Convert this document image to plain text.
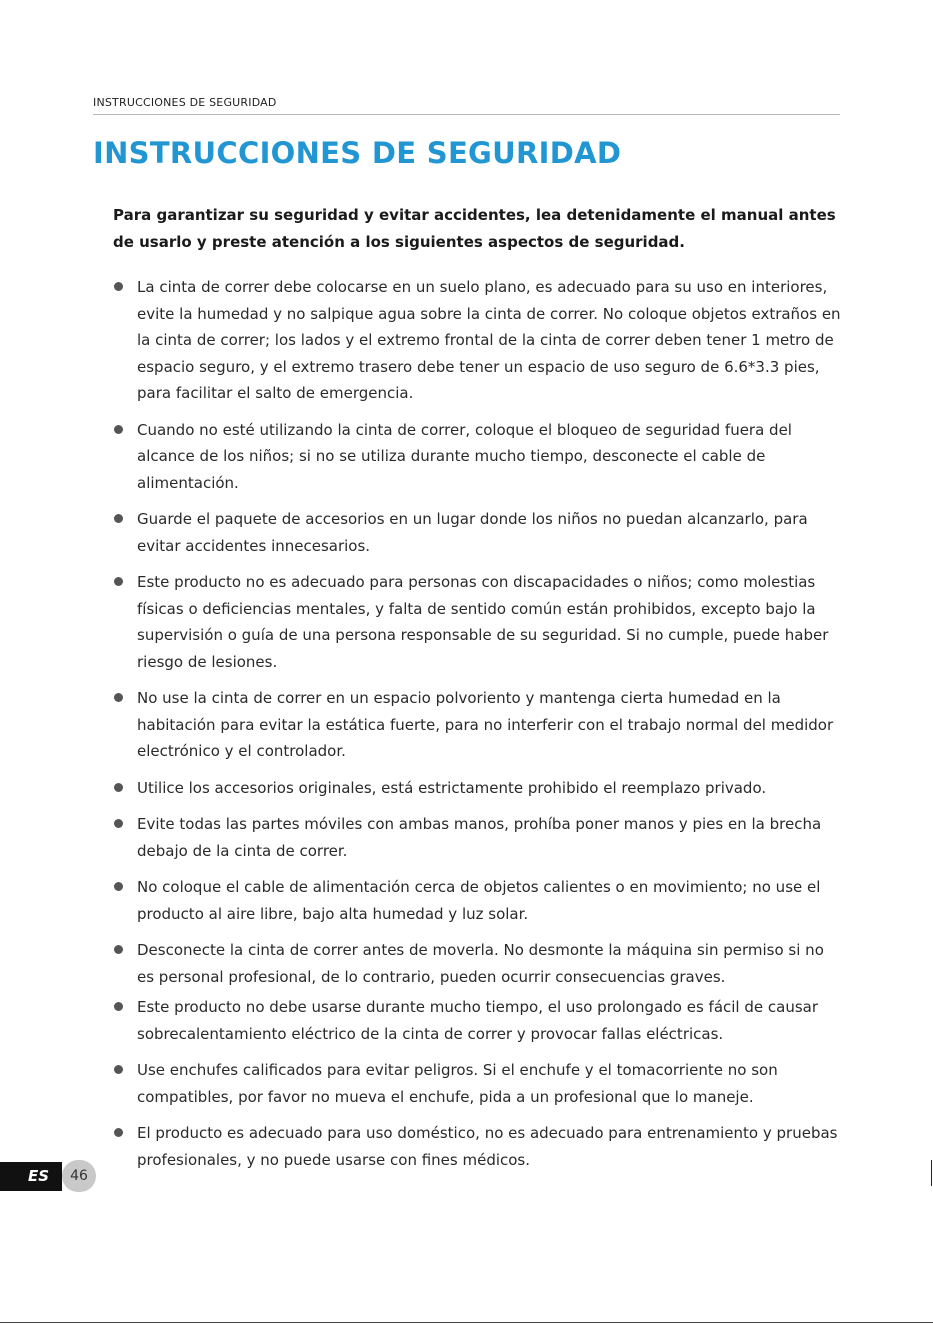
INSTRUCCIONES DE SEGURIDAD
INSTRUCCIONES DE SEGURIDAD

Para garantizar su seguridad y evitar accidentes, lea detenidamente el manual antes de usarlo y preste atención a los siguientes aspectos de seguridad.

La cinta de correr debe colocarse en un suelo plano, es adecuado para su uso en interiores, evite la humedad y no salpique agua sobre la cinta de correr. No coloque objetos extraños en la cinta de correr; los lados y el extremo frontal de la cinta de correr deben tener 1 metro de espacio seguro, y el extremo trasero debe tener un espacio de uso seguro de 6.6*3.3 pies, para facilitar el salto de emergencia.
Cuando no esté utilizando la cinta de correr, coloque el bloqueo de seguridad fuera del alcance de los niños; si no se utiliza durante mucho tiempo, desconecte el cable de alimentación.
Guarde el paquete de accesorios en un lugar donde los niños no puedan alcanzarlo, para evitar accidentes innecesarios.
Este producto no es adecuado para personas con discapacidades o niños; como molestias físicas o deficiencias mentales, y falta de sentido común están prohibidos, excepto bajo la supervisión o guía de una persona responsable de su seguridad. Si no cumple, puede haber riesgo de lesiones.
No use la cinta de correr en un espacio polvoriento y mantenga cierta humedad en la habitación para evitar la estática fuerte, para no interferir con el trabajo normal del medidor electrónico y el controlador.
Utilice los accesorios originales, está estrictamente prohibido el reemplazo privado.
Evite todas las partes móviles con ambas manos, prohíba poner manos y pies en la brecha debajo de la cinta de correr.
No coloque el cable de alimentación cerca de objetos calientes o en movimiento; no use el producto al aire libre, bajo alta humedad y luz solar.
Desconecte la cinta de correr antes de moverla. No desmonte la máquina sin permiso si no es personal profesional, de lo contrario, pueden ocurrir consecuencias graves.
Este producto no debe usarse durante mucho tiempo, el uso prolongado es fácil de causar sobrecalentamiento eléctrico de la cinta de correr y provocar fallas eléctricas.
Use enchufes calificados para evitar peligros. Si el enchufe y el tomacorriente no son compatibles, por favor no mueva el enchufe, pida a un profesional que lo maneje.
El producto es adecuado para uso doméstico, no es adecuado para entrenamiento y pruebas profesionales, y no puede usarse con fines médicos.
ES	46
